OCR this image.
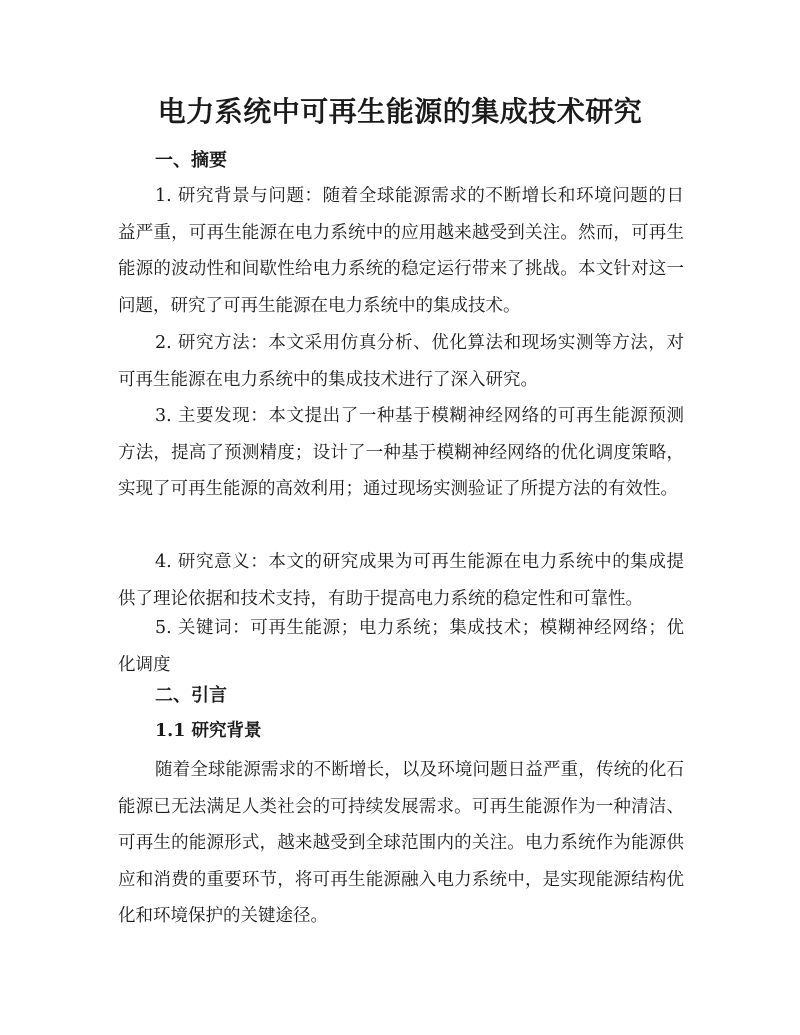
电力系统中可再生能源的集成技术研究
一、摘要

1. 研究背景与问题：随着全球能源需求的不断增长和环境问题的日益严重，可再生能源在电力系统中的应用越来越受到关注。然而，可再生能源的波动性和间歇性给电力系统的稳定运行带来了挑战。本文针对这一问题，研究了可再生能源在电力系统中的集成技术。

2. 研究方法：本文采用仿真分析、优化算法和现场实测等方法，对可再生能源在电力系统中的集成技术进行了深入研究。

3. 主要发现：本文提出了一种基于模糊神经网络的可再生能源预测方法，提高了预测精度；设计了一种基于模糊神经网络的优化调度策略，实现了可再生能源的高效利用；通过现场实测验证了所提方法的有效性。

4. 研究意义：本文的研究成果为可再生能源在电力系统中的集成提供了理论依据和技术支持，有助于提高电力系统的稳定性和可靠性。

5. 关键词：可再生能源；电力系统；集成技术；模糊神经网络；优化调度

二、引言
1.1 研究背景

随着全球能源需求的不断增长，以及环境问题日益严重，传统的化石能源已无法满足人类社会的可持续发展需求。可再生能源作为一种清洁、可再生的能源形式，越来越受到全球范围内的关注。电力系统作为能源供应和消费的重要环节，将可再生能源融入电力系统中，是实现能源结构优化和环境保护的关键途径。
